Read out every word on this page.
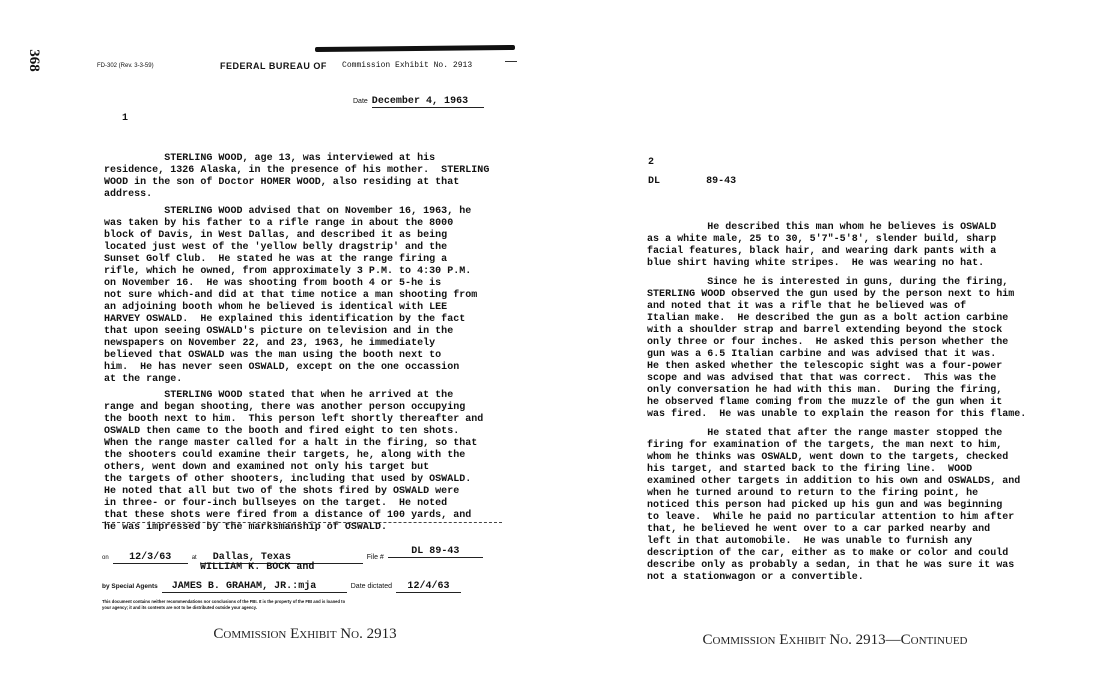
368	FD-302 (Rev. 3-3-59)	FEDERAL BUREAU OF Commission Exhibit No. 2913
Date December 4, 1963
1

STERLING WOOD, age 13, was interviewed at his
residence, 1326 Alaska, in the presence of his mother.  STERLING
WOOD in the son of Doctor HOMER WOOD, also residing at that
address.

STERLING WOOD advised that on November 16, 1963, he
was taken by his father to a rifle range in about the 8000
block of Davis, in West Dallas, and described it as being
located just west of the 'yellow belly dragstrip' and the
Sunset Golf Club.  He stated he was at the range firing a
rifle, which he owned, from approximately 3 P.M. to 4:30 P.M.
on November 16.  He was shooting from booth 4 or 5-he is
not sure which-and did at that time notice a man shooting from
an adjoining booth whom he believed is identical with LEE
HARVEY OSWALD.  He explained this identification by the fact
that upon seeing OSWALD's picture on television and in the
newspapers on November 22, and 23, 1963, he immediately
believed that OSWALD was the man using the booth next to
him.  He has never seen OSWALD, except on the one occassion
at the range.

STERLING WOOD stated that when he arrived at the
range and began shooting, there was another person occupying
the booth next to him.  This person left shortly thereafter and
OSWALD then came to the booth and fired eight to ten shots.
When the range master called for a halt in the firing, so that
the shooters could examine their targets, he, along with the
others, went down and examined not only his target but
the targets of other shooters, including that used by OSWALD.
He noted that all but two of the shots fired by OSWALD were
in three- or four-inch bullseyes on the target.  He noted
that these shots were fired from a distance of 100 yards, and
he was impressed by the marksmanship of OSWALD.

on 12/3/63	at Dallas, Texas	File # DL 89-43
WILLIAM K. BOCK and
by Special Agents JAMES B. GRAHAM, JR.:mja	Date dictated 12/4/63
This document contains neither recommendations nor conclusions of the FBI. It is the property of the FBI and is loaned to
your agency; it and its contents are not to be distributed outside your agency.
Commission Exhibit No. 2913
2
DL	89-43

He described this man whom he believes is OSWALD
as a white male, 25 to 30, 5'7"-5'8', slender build, sharp
facial features, black hair, and wearing dark pants with a
blue shirt having white stripes.  He was wearing no hat.

Since he is interested in guns, during the firing,
STERLING WOOD observed the gun used by the person next to him
and noted that it was a rifle that he believed was of
Italian make.  He described the gun as a bolt action carbine
with a shoulder strap and barrel extending beyond the stock
only three or four inches.  He asked this person whether the
gun was a 6.5 Italian carbine and was advised that it was.
He then asked whether the telescopic sight was a four-power
scope and was advised that that was correct.  This was the
only conversation he had with this man.  During the firing,
he observed flame coming from the muzzle of the gun when it
was fired.  He was unable to explain the reason for this flame.

He stated that after the range master stopped the
firing for examination of the targets, the man next to him,
whom he thinks was OSWALD, went down to the targets, checked
his target, and started back to the firing line.  WOOD
examined other targets in addition to his own and OSWALDS, and
when he turned around to return to the firing point, he
noticed this person had picked up his gun and was beginning
to leave.  While he paid no particular attention to him after
that, he believed he went over to a car parked nearby and
left in that automobile.  He was unable to furnish any
description of the car, either as to make or color and could
describe only as probably a sedan, in that he was sure it was
not a stationwagon or a convertible.

Commission Exhibit No. 2913—Continued
